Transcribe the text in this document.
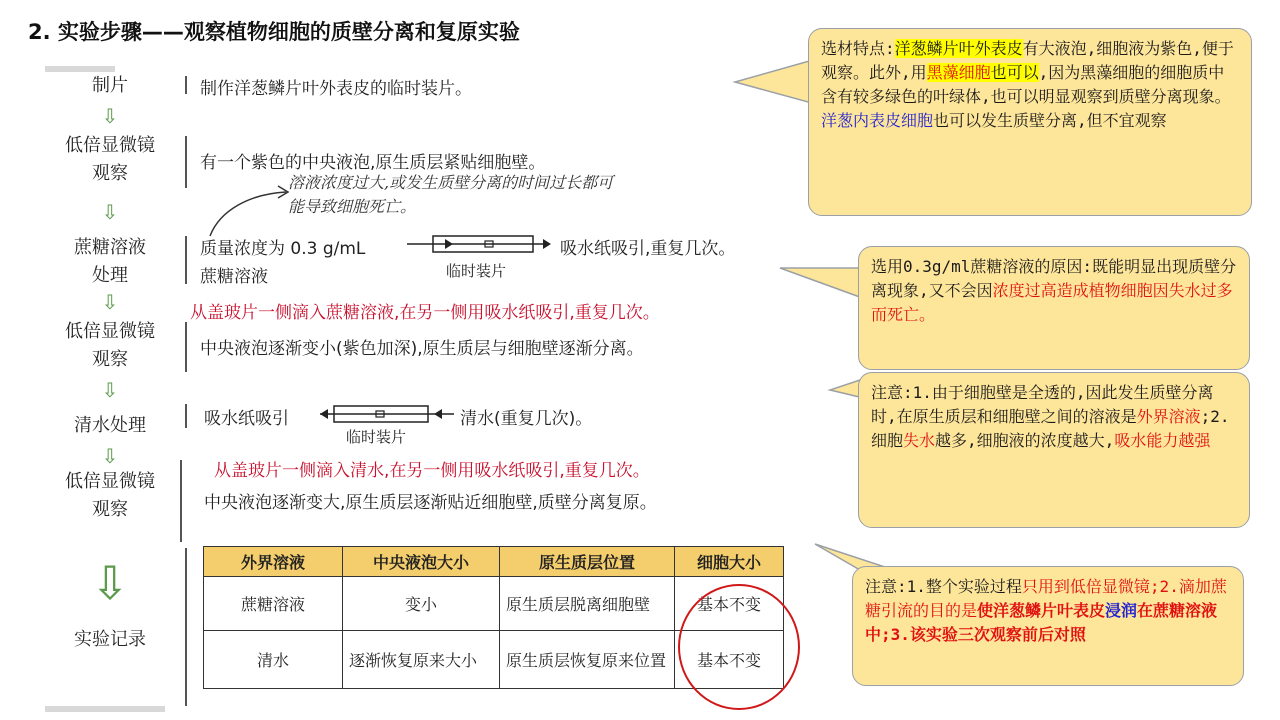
2. 实验步骤——观察植物细胞的质壁分离和复原实验
制片
⇩
低倍显微镜
观察
⇩
蔗糖溶液
处理
⇩
低倍显微镜
观察
⇩
清水处理
⇩
低倍显微镜
观察
⇩
实验记录
制作洋葱鳞片叶外表皮的临时装片。
有一个紫色的中央液泡,原生质层紧贴细胞壁。
溶液浓度过大,或发生质壁分离的时间过长都可
能导致细胞死亡。
质量浓度为 0.3 g/mL
蔗糖溶液
吸水纸吸引,重复几次。
临时装片
从盖玻片一侧滴入蔗糖溶液,在另一侧用吸水纸吸引,重复几次。
中央液泡逐渐变小(紫色加深),原生质层与细胞壁逐渐分离。
吸水纸吸引	清水(重复几次)。
临时装片
从盖玻片一侧滴入清水,在另一侧用吸水纸吸引,重复几次。
中央液泡逐渐变大,原生质层逐渐贴近细胞壁,质壁分离复原。
外界溶液	中央液泡大小	原生质层位置	细胞大小
蔗糖溶液	变小	原生质层脱离细胞壁	基本不变
清水	逐渐恢复原来大小	原生质层恢复原来位置	基本不变
选材特点:洋葱鳞片叶外表皮有大液泡,细胞液为紫色,便于观察。此外,用黑藻细胞也可以,因为黑藻细胞的细胞质中含有较多绿色的叶绿体,也可以明显观察到质壁分离现象。洋葱内表皮细胞也可以发生质壁分离,但不宜观察
选用0.3g/ml蔗糖溶液的原因:既能明显出现质壁分离现象,又不会因浓度过高造成植物细胞因失水过多而死亡。
注意:1.由于细胞壁是全透的,因此发生质壁分离时,在原生质层和细胞壁之间的溶液是外界溶液;2.细胞失水越多,细胞液的浓度越大,吸水能力越强
注意:1.整个实验过程只用到低倍显微镜;2.滴加蔗糖引流的目的是使洋葱鳞片叶表皮浸润在蔗糖溶液中;3.该实验三次观察前后对照
